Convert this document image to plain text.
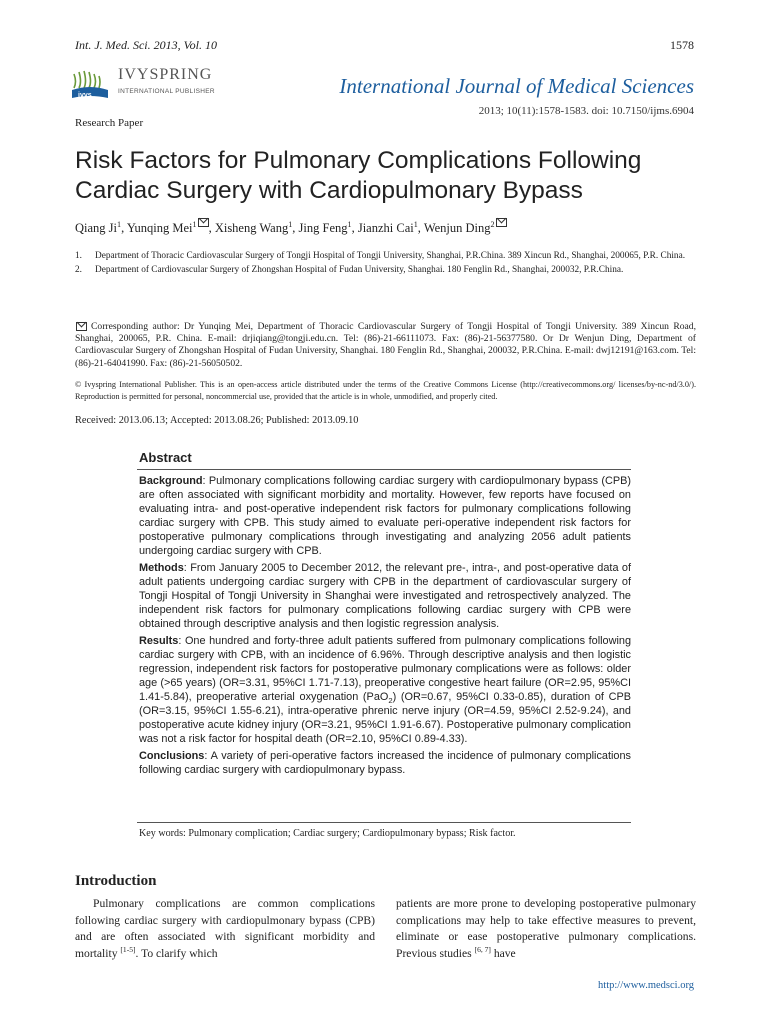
Int. J. Med. Sci. 2013, Vol. 10	1578
ivys
IVYSPRING
INTERNATIONAL PUBLISHER	International Journal of Medical Sciences
2013; 10(11):1578-1583. doi: 10.7150/ijms.6904
Research Paper
Risk Factors for Pulmonary Complications Following Cardiac Surgery with Cardiopulmonary Bypass
Qiang Ji$^1$, Yunqing Mei$^1$ , Xisheng Wang$^1$, Jing Feng$^1$, Jianzhi Cai$^1$, Wenjun Ding$^2$
1.	Department of Thoracic Cardiovascular Surgery of Tongji Hospital of Tongji University, Shanghai, P.R.China. 389 Xincun Rd., Shanghai, 200065, P.R. China.
2.	Department of Cardiovascular Surgery of Zhongshan Hospital of Fudan University, Shanghai. 180 Fenglin Rd., Shanghai, 200032, P.R.China.
Corresponding author: Dr Yunqing Mei, Department of Thoracic Cardiovascular Surgery of Tongji Hospital of Tongji University. 389 Xincun Road, Shanghai, 200065, P.R. China. E-mail: drjiqiang@tongji.edu.cn. Tel: (86)-21-66111073. Fax: (86)-21-56377580. Or Dr Wenjun Ding, Department of Cardiovascular Surgery of Zhongshan Hospital of Fudan University, Shanghai. 180 Fenglin Rd., Shanghai, 200032, P.R.China. E-mail: dwj12191@163.com. Tel: (86)-21-64041990. Fax: (86)-21-56050502.
© Ivyspring International Publisher. This is an open-access article distributed under the terms of the Creative Commons License (http://creativecommons.org/ licenses/by-nc-nd/3.0/). Reproduction is permitted for personal, noncommercial use, provided that the article is in whole, unmodified, and properly cited.
Received: 2013.06.13; Accepted: 2013.08.26; Published: 2013.09.10
Abstract

Background: Pulmonary complications following cardiac surgery with cardiopulmonary bypass (CPB) are often associated with significant morbidity and mortality. However, few reports have focused on evaluating intra- and post-operative independent risk factors for pulmonary complications following cardiac surgery with CPB. This study aimed to evaluate peri-operative independent risk factors for postoperative pulmonary complications through investigating and analyzing 2056 adult patients undergoing cardiac surgery with CPB.

Methods: From January 2005 to December 2012, the relevant pre-, intra-, and post-operative data of adult patients undergoing cardiac surgery with CPB in the department of cardiovascular surgery of Tongji Hospital of Tongji University in Shanghai were investigated and retrospectively analyzed. The independent risk factors for pulmonary complications following cardiac surgery with CPB were obtained through descriptive analysis and then logistic regression analysis.

Results: One hundred and forty-three adult patients suffered from pulmonary complications following cardiac surgery with CPB, with an incidence of 6.96%. Through descriptive analysis and then logistic regression, independent risk factors for postoperative pulmonary complications were as follows: older age (>65 years) (OR=3.31, 95%CI 1.71-7.13), preoperative congestive heart failure (OR=2.95, 95%CI 1.41-5.84), preoperative arterial oxygenation (PaO$_2$) (OR=0.67, 95%CI 0.33-0.85), duration of CPB (OR=3.15, 95%CI 1.55-6.21), intra-operative phrenic nerve injury (OR=4.59, 95%CI 2.52-9.24), and postoperative acute kidney injury (OR=3.21, 95%CI 1.91-6.67). Postoperative pulmonary complication was not a risk factor for hospital death (OR=2.10, 95%CI 0.89-4.33).

Conclusions: A variety of peri-operative factors increased the incidence of pulmonary complications following cardiac surgery with cardiopulmonary bypass.

Key words: Pulmonary complication; Cardiac surgery; Cardiopulmonary bypass; Risk factor.
Introduction

Pulmonary complications are common complications following cardiac surgery with cardiopulmonary bypass (CPB) and are often associated with significant morbidity and mortality [1-5]. To clarify which

patients are more prone to developing postoperative pulmonary complications may help to take effective measures to prevent, eliminate or ease postoperative pulmonary complications. Previous studies [6, 7] have

http://www.medsci.org
